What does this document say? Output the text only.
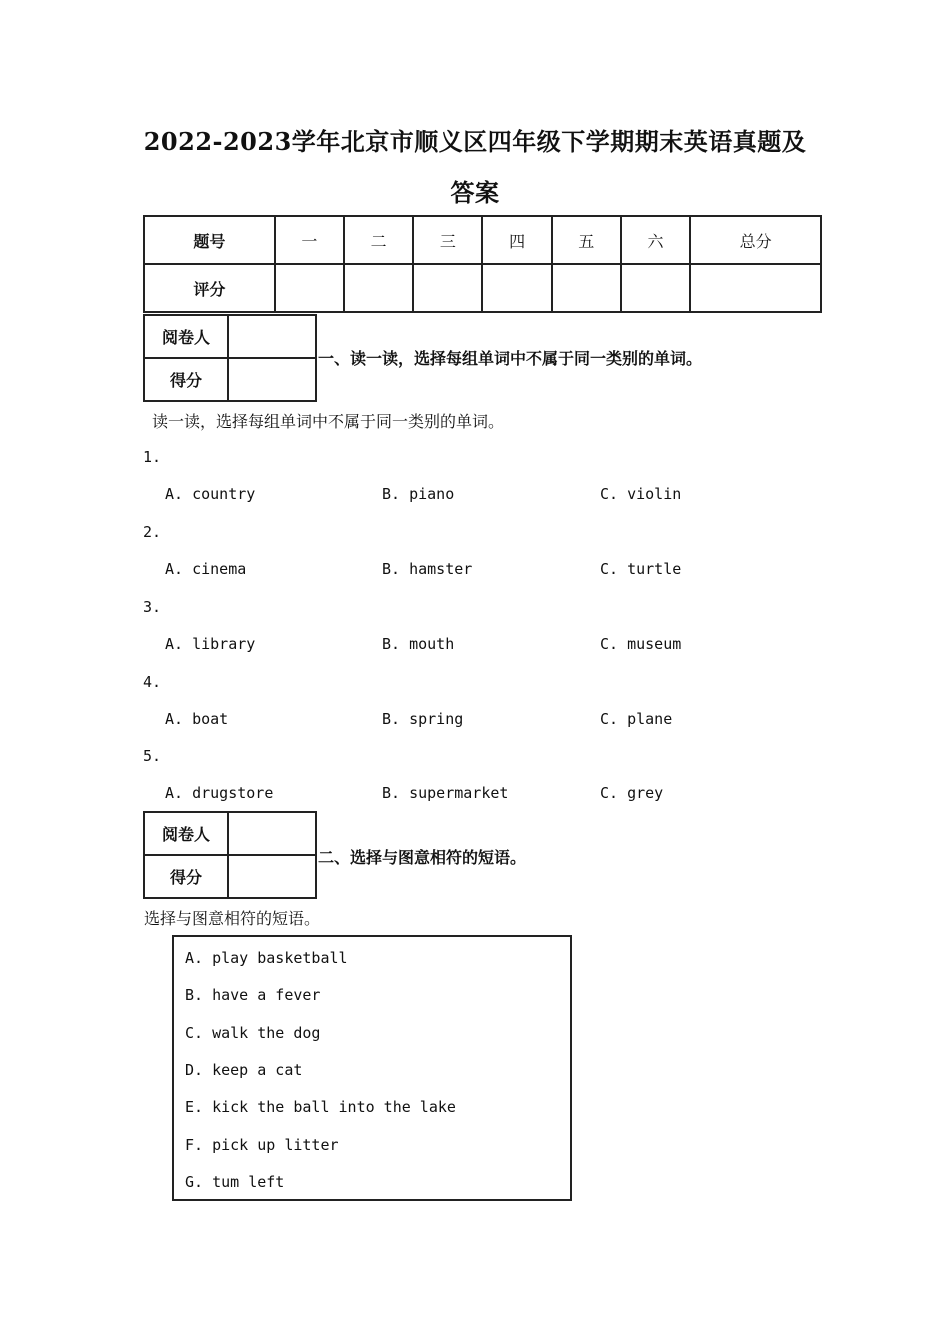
2022-2023学年北京市顺义区四年级下学期期末英语真题及
答案
题号	一	二	三	四	五	六	总分
评分							
阅卷人	
得分	
一、读一读，选择每组单词中不属于同一类别的单词。
读一读，选择每组单词中不属于同一类别的单词。
1.
A. country	B. piano	C. violin
2.
A. cinema	B. hamster	C. turtle
3.
A. library	B. mouth	C. museum
4.
A. boat	B. spring	C. plane
5.
A. drugstore	B. supermarket	C. grey
阅卷人	
得分	
二、选择与图意相符的短语。
选择与图意相符的短语。
A. play basketball
B. have a fever
C. walk the dog
D. keep a cat
E. kick the ball into the lake
F. pick up litter
G. tum left
